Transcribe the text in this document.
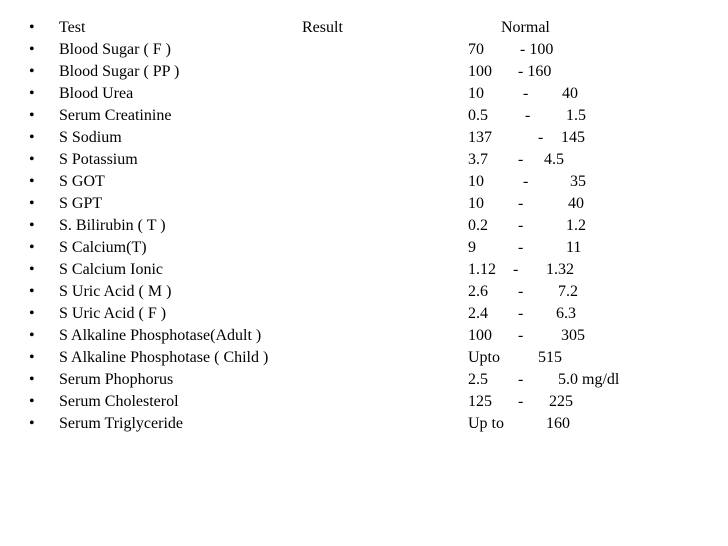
• Test	Result	Normal
• Blood Sugar ( F )	70 - 100
• Blood Sugar ( PP )	100 - 160
• Blood Urea	10 - 40
• Serum Creatinine	0.5 - 1.5
• S Sodium	137	- 145
• S Potassium	3.7 - 4.5
• S GOT	10 -	35
• S GPT	10 -	40
• S. Bilirubin ( T )	0.2 -	1.2
• S Calcium(T)	9	-	11
• S Calcium Ionic	1.12 - 1.32
• S Uric Acid ( M )	2.6 - 7.2
• S Uric Acid ( F )	2.4 - 6.3
• S Alkaline Phosphotase(Adult )	100 - 305
• S Alkaline Phosphotase ( Child )	Upto 515
• Serum Phophorus	2.5 - 5.0 mg/dl
• Serum Cholesterol	125 - 225
• Serum Triglyceride	Up to	160
